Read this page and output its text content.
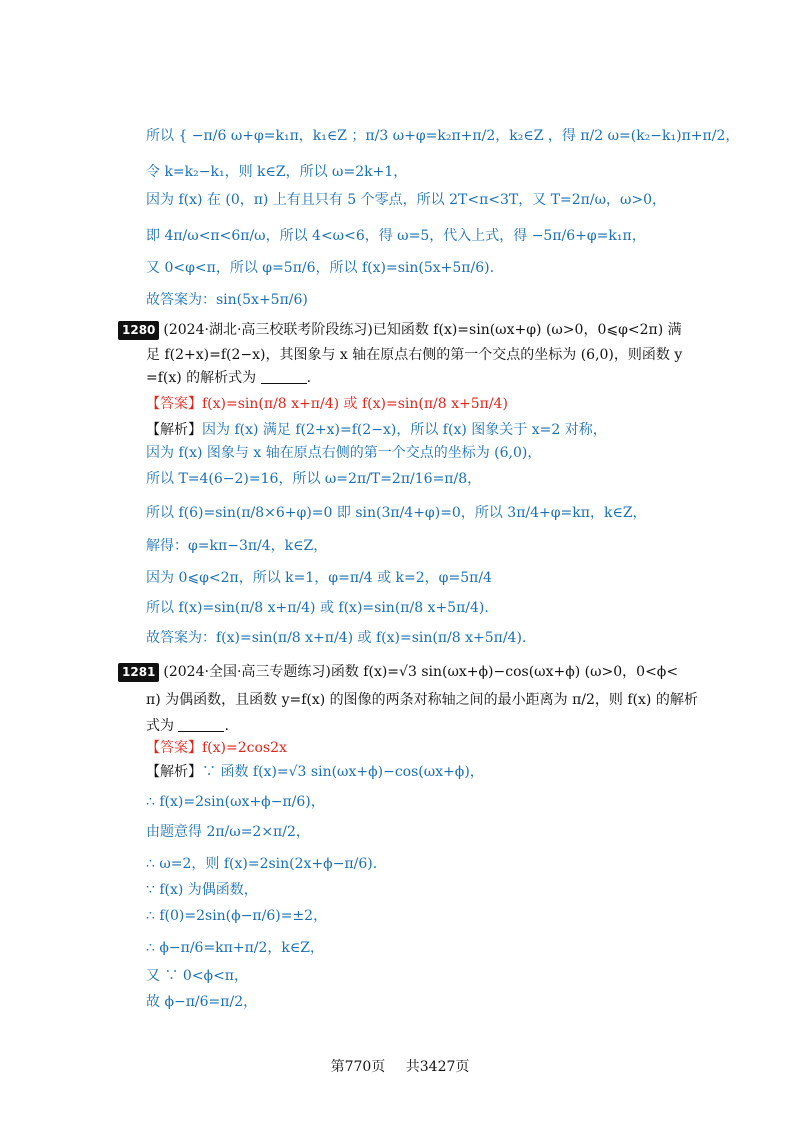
所以 { −π/6 ω+φ=k₁π，k₁∈Z ；π/3 ω+φ=k₂π+π/2，k₂∈Z ，得 π/2 ω=(k₂−k₁)π+π/2，
令 k=k₂−k₁，则 k∈Z，所以 ω=2k+1，
因为 f(x) 在 (0，π) 上有且只有 5 个零点，所以 2T<π<3T，又 T=2π/ω，ω>0，
即 4π/ω<π<6π/ω，所以 4<ω<6，得 ω=5，代入上式，得 −5π/6+φ=k₁π，
又 0<φ<π，所以 φ=5π/6，所以 f(x)=sin(5x+5π/6).
故答案为：sin(5x+5π/6)
1280 (2024·湖北·高三校联考阶段练习)已知函数 f(x)=sin(ωx+φ) (ω>0，0⩽φ<2π) 满
足 f(2+x)=f(2−x)，其图象与 x 轴在原点右侧的第一个交点的坐标为 (6,0)，则函数 y
=f(x) 的解析式为	.
【答案】f(x)=sin(π/8 x+π/4) 或 f(x)=sin(π/8 x+5π/4)
【解析】因为 f(x) 满足 f(2+x)=f(2−x)，所以 f(x) 图象关于 x=2 对称，
因为 f(x) 图象与 x 轴在原点右侧的第一个交点的坐标为 (6,0)，
所以 T=4(6−2)=16，所以 ω=2π/T=2π/16=π/8，
所以 f(6)=sin(π/8×6+φ)=0 即 sin(3π/4+φ)=0，所以 3π/4+φ=kπ，k∈Z，
解得：φ=kπ−3π/4，k∈Z，
因为 0⩽φ<2π，所以 k=1，φ=π/4 或 k=2，φ=5π/4
所以 f(x)=sin(π/8 x+π/4) 或 f(x)=sin(π/8 x+5π/4).
故答案为：f(x)=sin(π/8 x+π/4) 或 f(x)=sin(π/8 x+5π/4).
1281 (2024·全国·高三专题练习)函数 f(x)=√3 sin(ωx+ϕ)−cos(ωx+ϕ) (ω>0，0<ϕ<
π) 为偶函数，且函数 y=f(x) 的图像的两条对称轴之间的最小距离为 π/2，则 f(x) 的解析
式为	.
【答案】f(x)=2cos2x
【解析】∵ 函数 f(x)=√3 sin(ωx+ϕ)−cos(ωx+ϕ)，
∴ f(x)=2sin(ωx+ϕ−π/6)，
由题意得 2π/ω=2×π/2，
∴ ω=2，则 f(x)=2sin(2x+ϕ−π/6).
∵ f(x) 为偶函数，
∴ f(0)=2sin(ϕ−π/6)=±2，
∴ ϕ−π/6=kπ+π/2，k∈Z，
又 ∵ 0<ϕ<π，
故 ϕ−π/6=π/2，
第770页 共3427页
